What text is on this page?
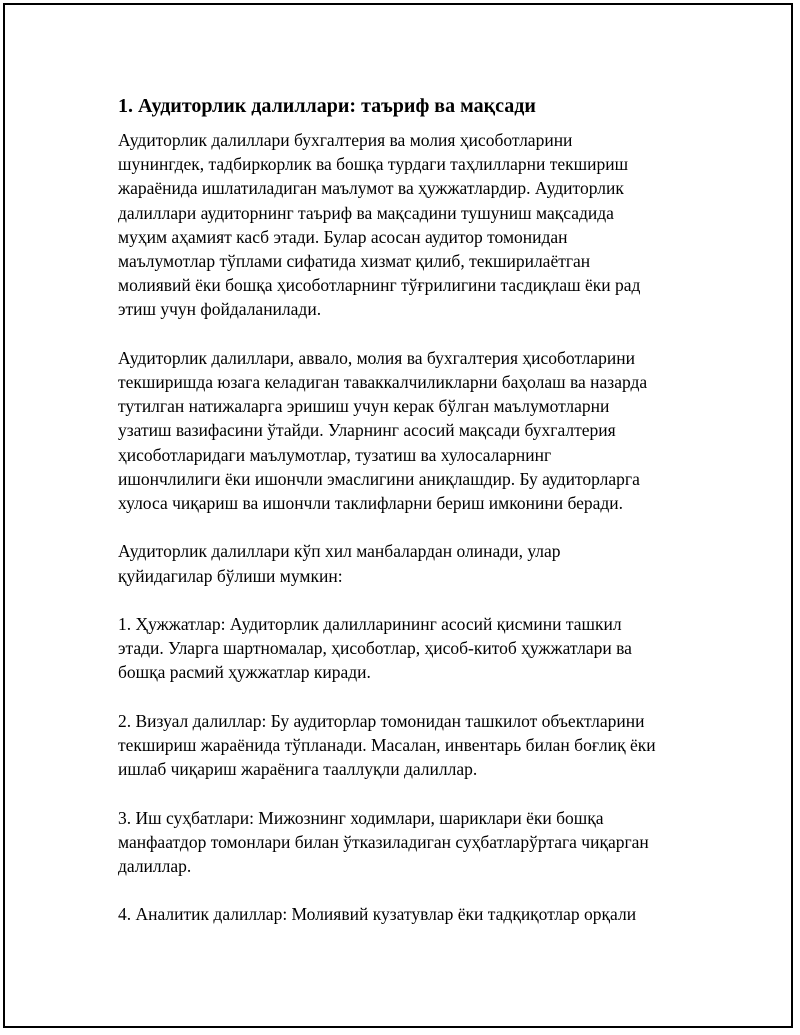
1. Аудиторлик далиллари: таъриф ва мақсади

Аудиторлик далиллари бухгалтерия ва молия ҳисоботларини
шунингдек, тадбиркорлик ва бошқа турдаги таҳлилларни текшириш
жараёнида ишлатиладиган маълумот ва ҳужжатлардир. Аудиторлик
далиллари аудиторнинг таъриф ва мақсадини тушуниш мақсадида
муҳим аҳамият касб этади. Булар асосан аудитор томонидан
маълумотлар тўплами сифатида хизмат қилиб, текширилаётган
молиявий ёки бошқа ҳисоботларнинг тўғрилигини тасдиқлаш ёки рад
этиш учун фойдаланилади.

Аудиторлик далиллари, аввало, молия ва бухгалтерия ҳисоботларини
текширишда юзага келадиган таваккалчиликларни баҳолаш ва назарда
тутилган натижаларга эришиш учун керак бўлган маълумотларни
узатиш вазифасини ўтайди. Уларнинг асосий мақсади бухгалтерия
ҳисоботларидаги маълумотлар, тузатиш ва хулосаларнинг
ишончлилиги ёки ишончли эмаслигини аниқлашдир. Бу аудиторларга
хулоса чиқариш ва ишончли таклифларни бериш имконини беради.

Аудиторлик далиллари кўп хил манбалардан олинади, улар
қуйидагилар бўлиши мумкин:

1. Ҳужжатлар: Аудиторлик далилларининг асосий қисмини ташкил
этади. Уларга шартномалар, ҳисоботлар, ҳисоб-китоб ҳужжатлари ва
бошқа расмий ҳужжатлар киради.

2. Визуал далиллар: Бу аудиторлар томонидан ташкилот объектларини
текшириш жараёнида тўпланади. Масалан, инвентарь билан боғлиқ ёки
ишлаб чиқариш жараёнига тааллуқли далиллар.

3. Иш суҳбатлари: Мижознинг ходимлари, шариклари ёки бошқа
манфаатдор томонлари билан ўтказиладиган суҳбатларўртага чиқарган
далиллар.

4. Аналитик далиллар: Молиявий кузатувлар ёки тадқиқотлар орқали
